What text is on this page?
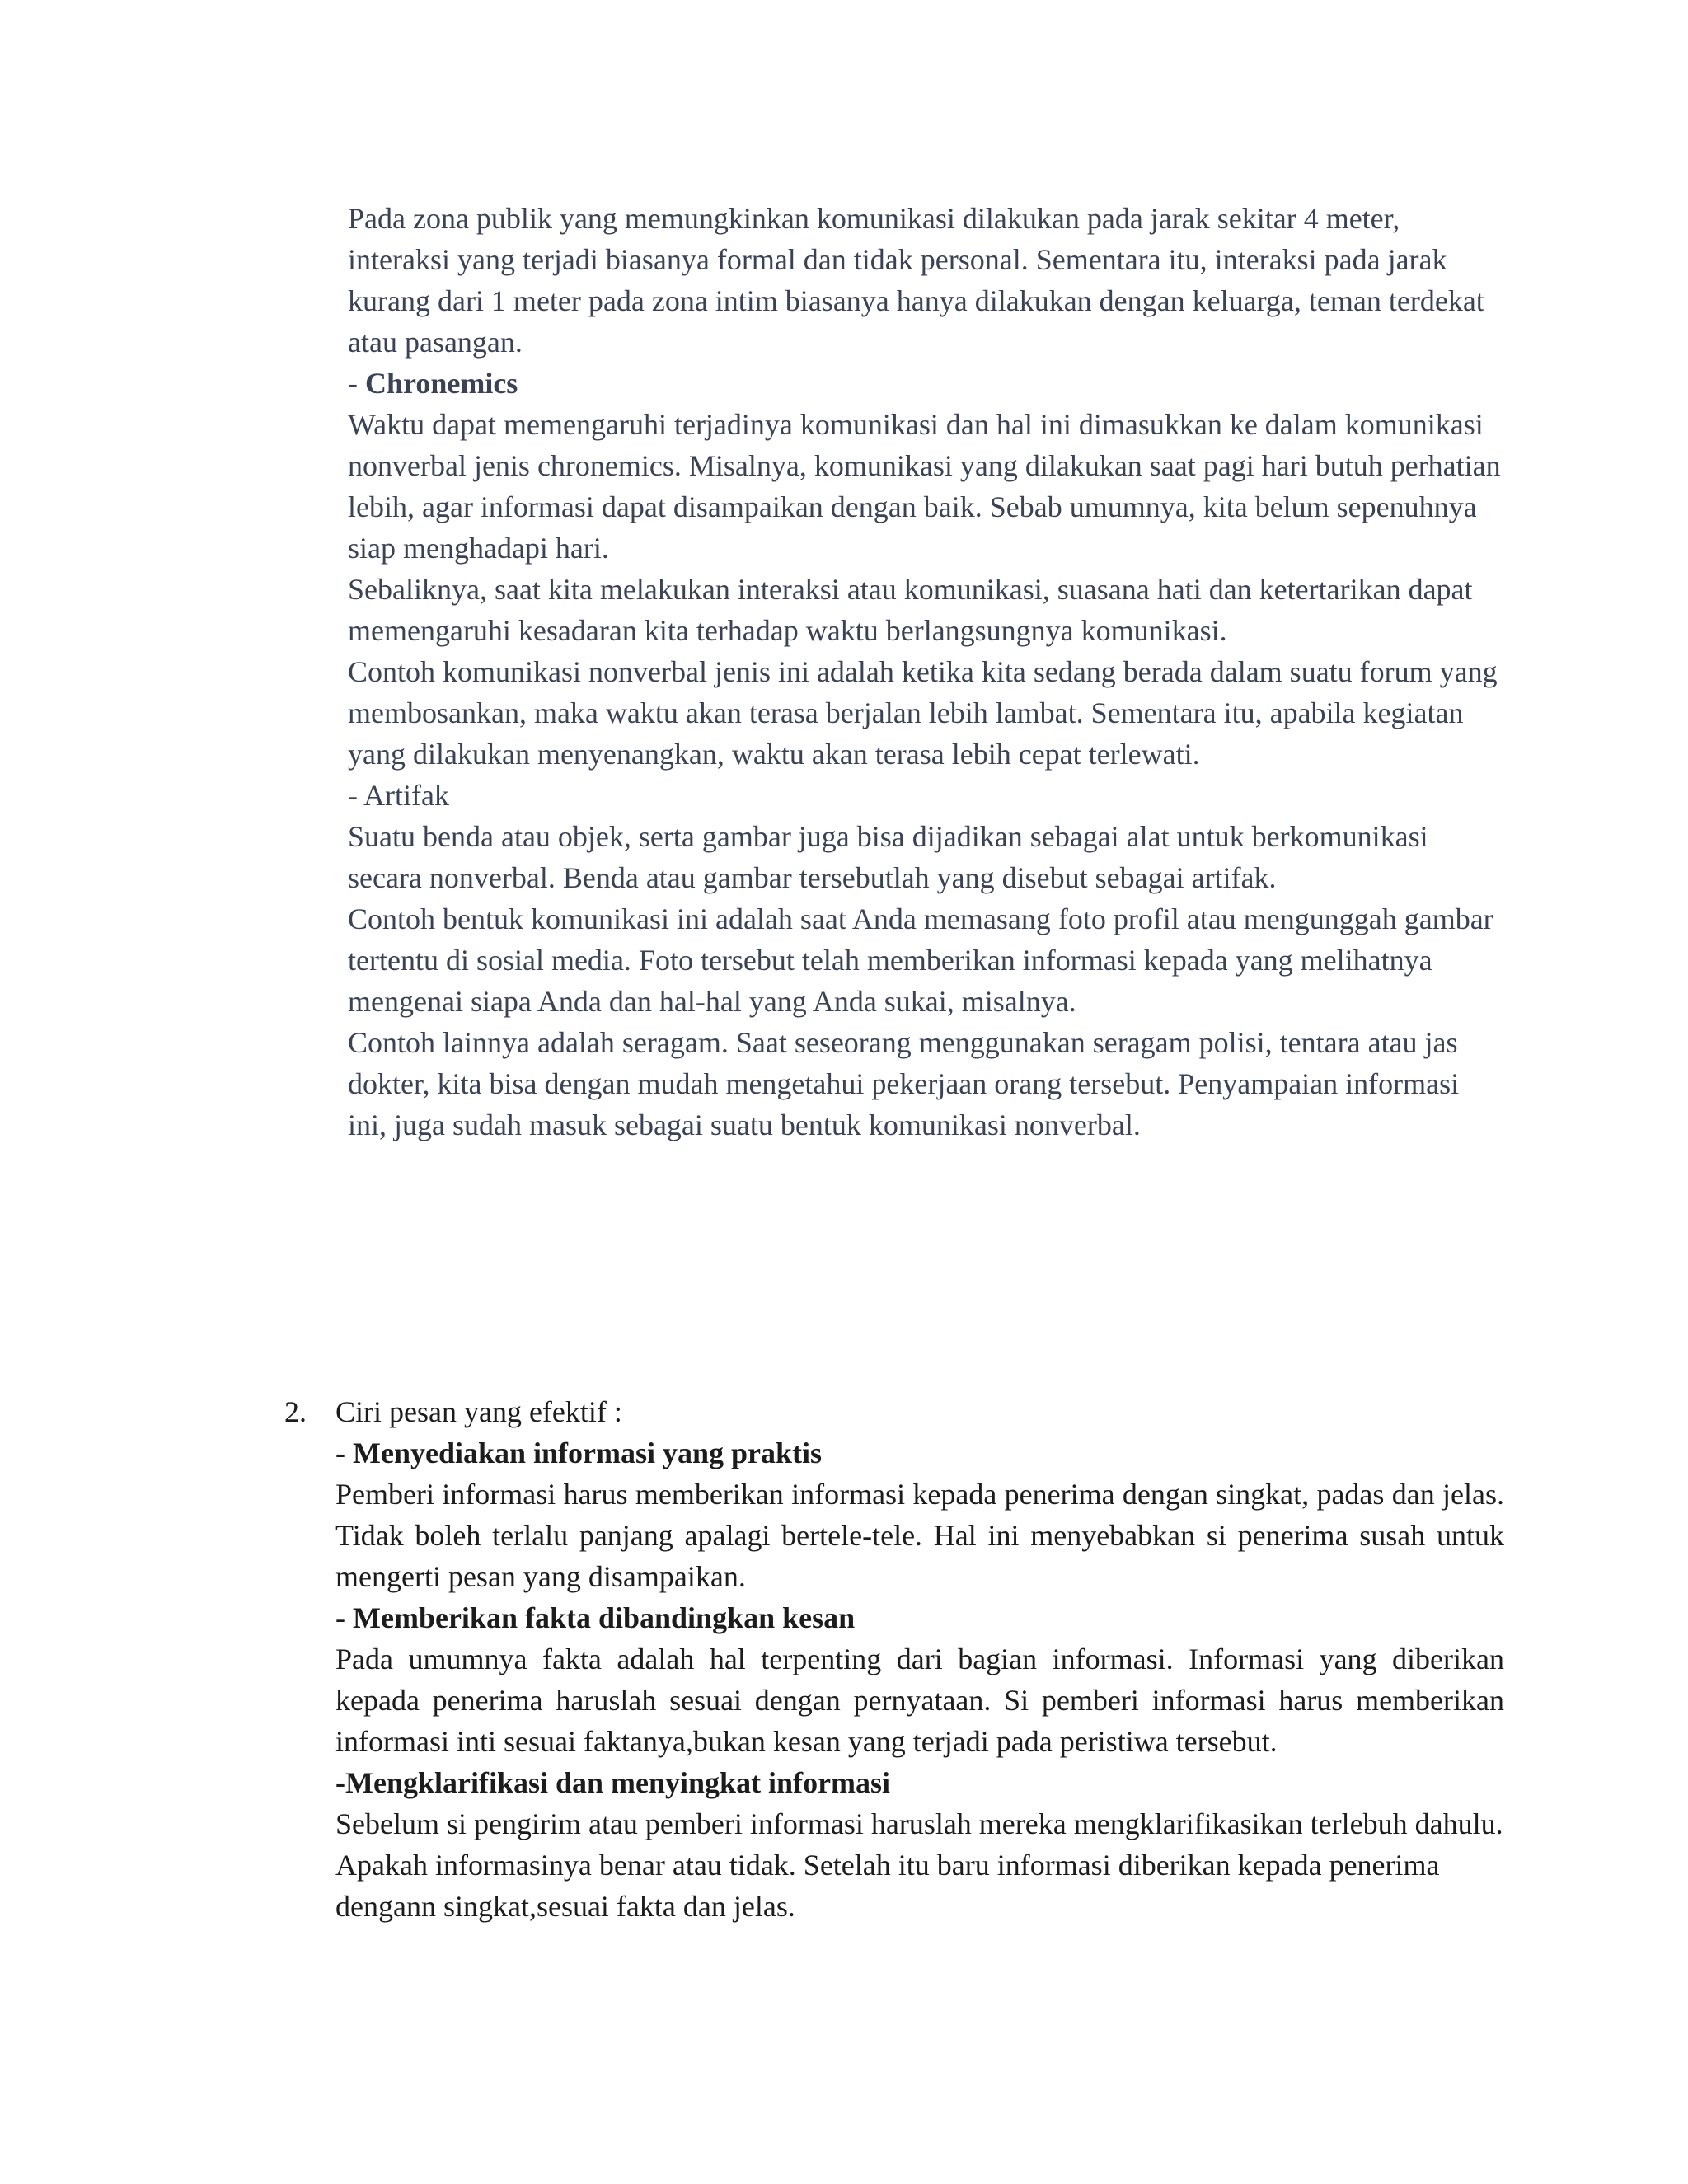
Pada zona publik yang memungkinkan komunikasi dilakukan pada jarak sekitar 4 meter, interaksi yang terjadi biasanya formal dan tidak personal. Sementara itu, interaksi pada jarak kurang dari 1 meter pada zona intim biasanya hanya dilakukan dengan keluarga, teman terdekat atau pasangan.

- Chronemics

Waktu dapat memengaruhi terjadinya komunikasi dan hal ini dimasukkan ke dalam komunikasi nonverbal jenis chronemics. Misalnya, komunikasi yang dilakukan saat pagi hari butuh perhatian lebih, agar informasi dapat disampaikan dengan baik. Sebab umumnya, kita belum sepenuhnya siap menghadapi hari.

Sebaliknya, saat kita melakukan interaksi atau komunikasi, suasana hati dan ketertarikan dapat memengaruhi kesadaran kita terhadap waktu berlangsungnya komunikasi.

Contoh komunikasi nonverbal jenis ini adalah ketika kita sedang berada dalam suatu forum yang membosankan, maka waktu akan terasa berjalan lebih lambat. Sementara itu, apabila kegiatan yang dilakukan menyenangkan, waktu akan terasa lebih cepat terlewati.

- Artifak

Suatu benda atau objek, serta gambar juga bisa dijadikan sebagai alat untuk berkomunikasi secara nonverbal. Benda atau gambar tersebutlah yang disebut sebagai artifak.

Contoh bentuk komunikasi ini adalah saat Anda memasang foto profil atau mengunggah gambar tertentu di sosial media. Foto tersebut telah memberikan informasi kepada yang melihatnya mengenai siapa Anda dan hal-hal yang Anda sukai, misalnya.

Contoh lainnya adalah seragam. Saat seseorang menggunakan seragam polisi, tentara atau jas dokter, kita bisa dengan mudah mengetahui pekerjaan orang tersebut. Penyampaian informasi ini, juga sudah masuk sebagai suatu bentuk komunikasi nonverbal.

2. Ciri pesan yang efektif :

- Menyediakan informasi yang praktis

Pemberi informasi harus memberikan informasi kepada penerima dengan singkat, padas dan jelas. Tidak boleh terlalu panjang apalagi bertele-tele. Hal ini menyebabkan si penerima susah untuk mengerti pesan yang disampaikan.

- Memberikan fakta dibandingkan kesan

Pada umumnya fakta adalah hal terpenting dari bagian informasi. Informasi yang diberikan kepada penerima haruslah sesuai dengan pernyataan. Si pemberi informasi harus memberikan informasi inti sesuai faktanya,bukan kesan yang terjadi pada peristiwa tersebut.

-Mengklarifikasi dan menyingkat informasi

Sebelum si pengirim atau pemberi informasi haruslah mereka mengklarifikasikan terlebuh dahulu. Apakah informasinya benar atau tidak. Setelah itu baru informasi diberikan kepada penerima dengann singkat,sesuai fakta dan jelas.
